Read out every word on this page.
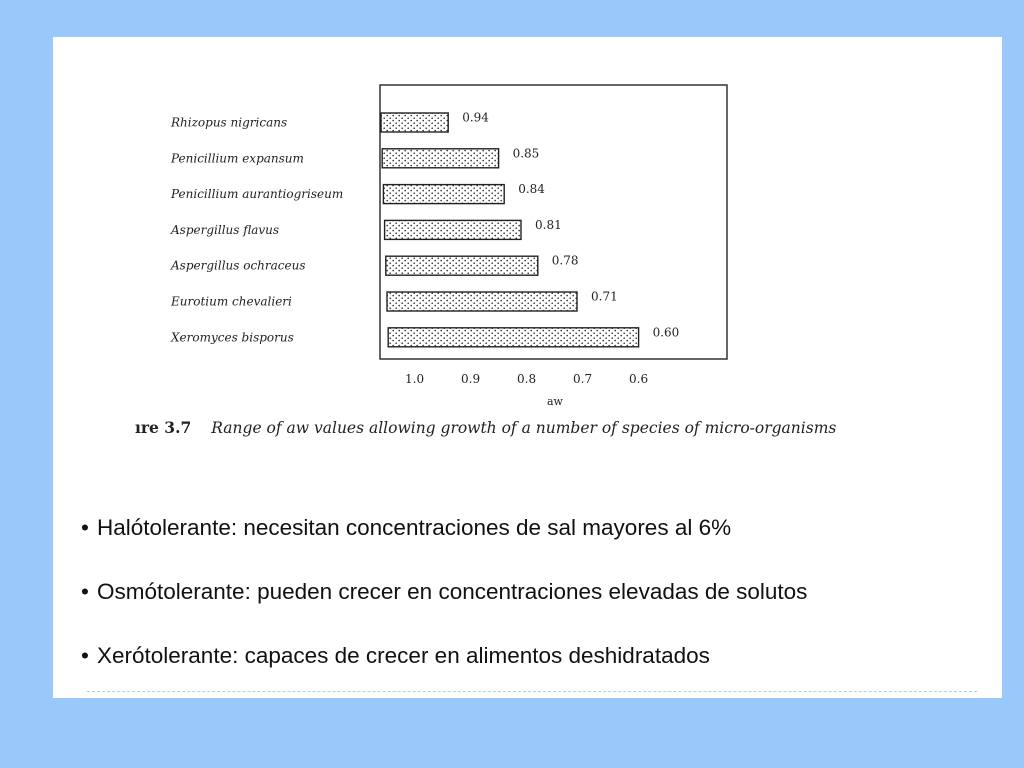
Rhizopus nigricans	0.94
Penicillium expansum	0.85
Penicillium aurantiogriseum	0.84
Aspergillus flavus	0.81
Aspergillus ochraceus	0.78
Eurotium chevalieri	0.71
Xeromyces bisporus	0.60
1.0	0.9	0.8	0.7	0.6
aw
ıre 3.7 Range of aw values allowing growth of a number of species of micro-organisms
• Halótolerante: necesitan concentraciones de sal mayores al 6%
• Osmótolerante: pueden crecer en concentraciones elevadas de solutos
• Xerótolerante: capaces de crecer en alimentos deshidratados
